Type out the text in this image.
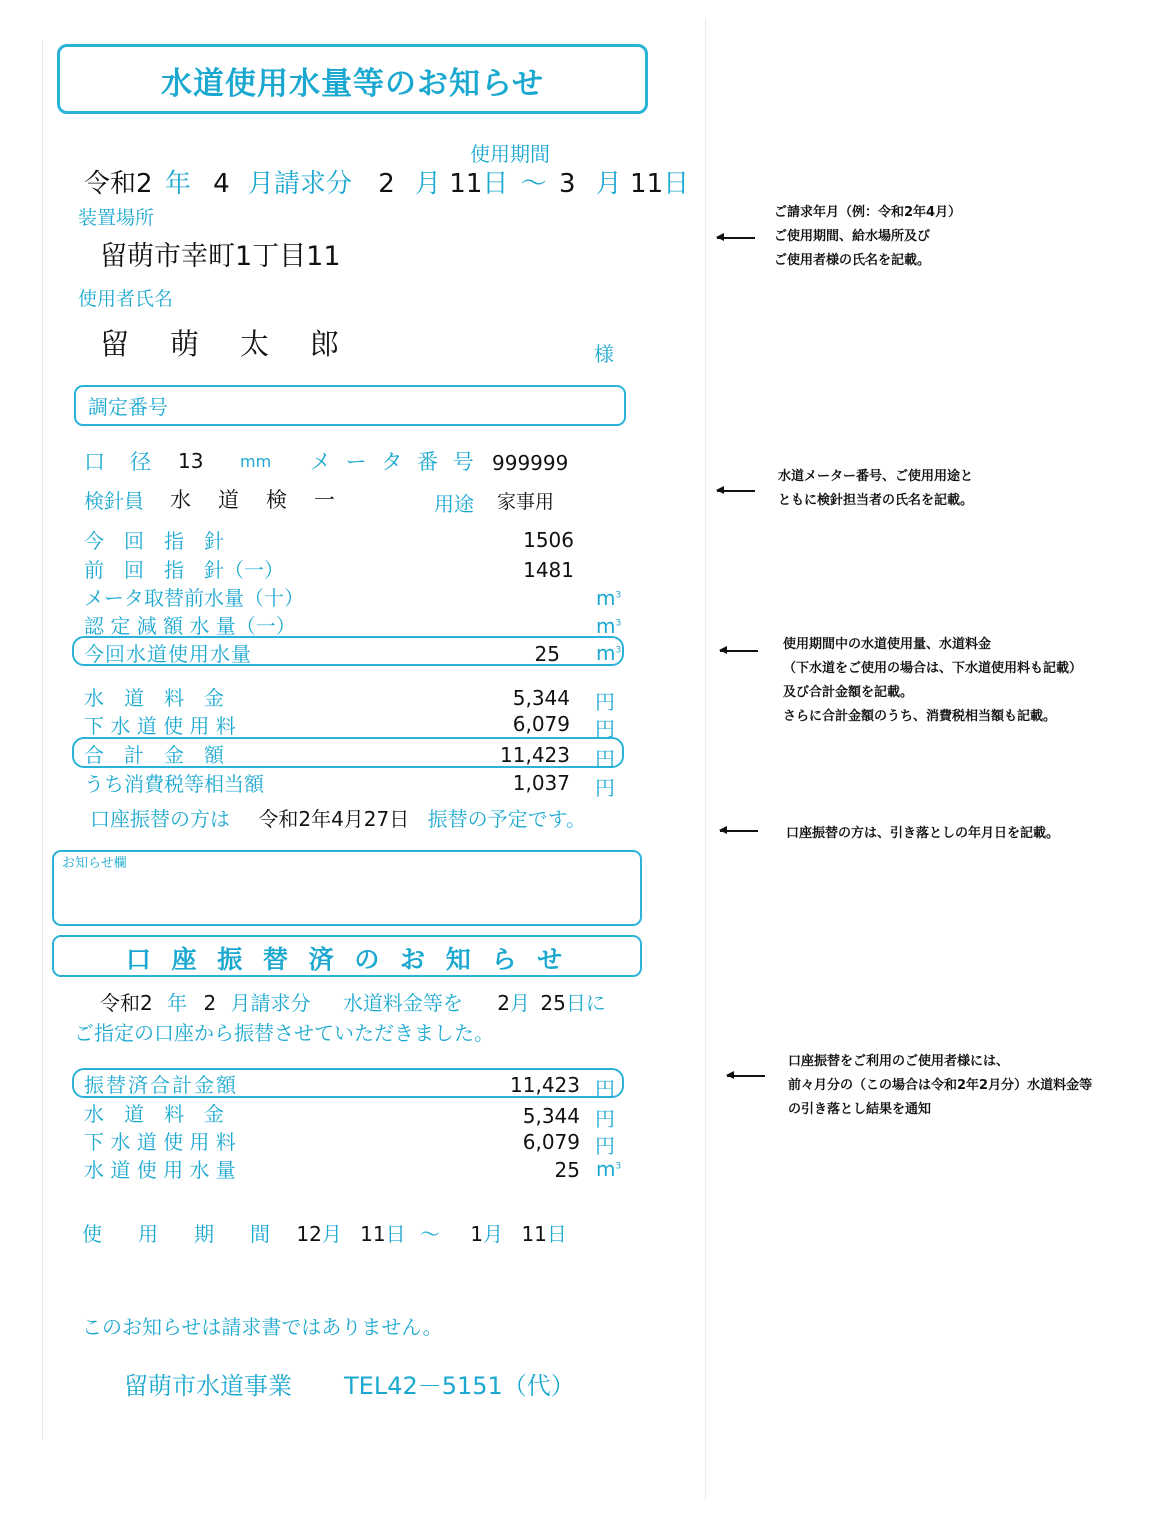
水道使用水量等のお知らせ
使用期間
令和2 年 4 月請求分 2 月 11日 ～ 3 月 11日
装置場所
留萌市幸町1丁目11
使用者氏名
留　萌　太　郎	様
調定番号
口　径 13 mm メ ー タ 番 号 999999
検針員 水　道　検　一	用途 家事用
今　回　指　針	1506
前　回　指　針（一）	1481
メータ取替前水量（十）	$m^3$
認 定 減 額 水 量（一）	$m^3$
今回水道使用水量	25 $m^3$
水　道　料　金	5,344 円
下 水 道 使 用 料	6,079 円
合　計　金　額	11,423 円
うち消費税等相当額	1,037 円
口座振替の方は 令和2年4月27日 振替の予定です。
お知らせ欄
口 座 振 替 済 の お 知 ら せ
令和2 年 2 月請求分 水道料金等を 2月 25日に
ご指定の口座から振替させていただきました。
振替済合計金額	11,423 円
水　道　料　金	5,344 円
下 水 道 使 用 料	6,079 円
水 道 使 用 水 量	25 $m^3$
使　用　期　間 12月 11日 ～ 1月 11日
このお知らせは請求書ではありません。
留萌市水道事業 TEL42－5151（代）
ご請求年月（例：令和2年4月）
ご使用期間、給水場所及び
ご使用者様の氏名を記載。
水道メーター番号、ご使用用途と
ともに検針担当者の氏名を記載。
使用期間中の水道使用量、水道料金
（下水道をご使用の場合は、下水道使用料も記載）
及び合計金額を記載。
さらに合計金額のうち、消費税相当額も記載。
口座振替の方は、引き落としの年月日を記載。
口座振替をご利用のご使用者様には、
前々月分の（この場合は令和2年2月分）水道料金等
の引き落とし結果を通知
